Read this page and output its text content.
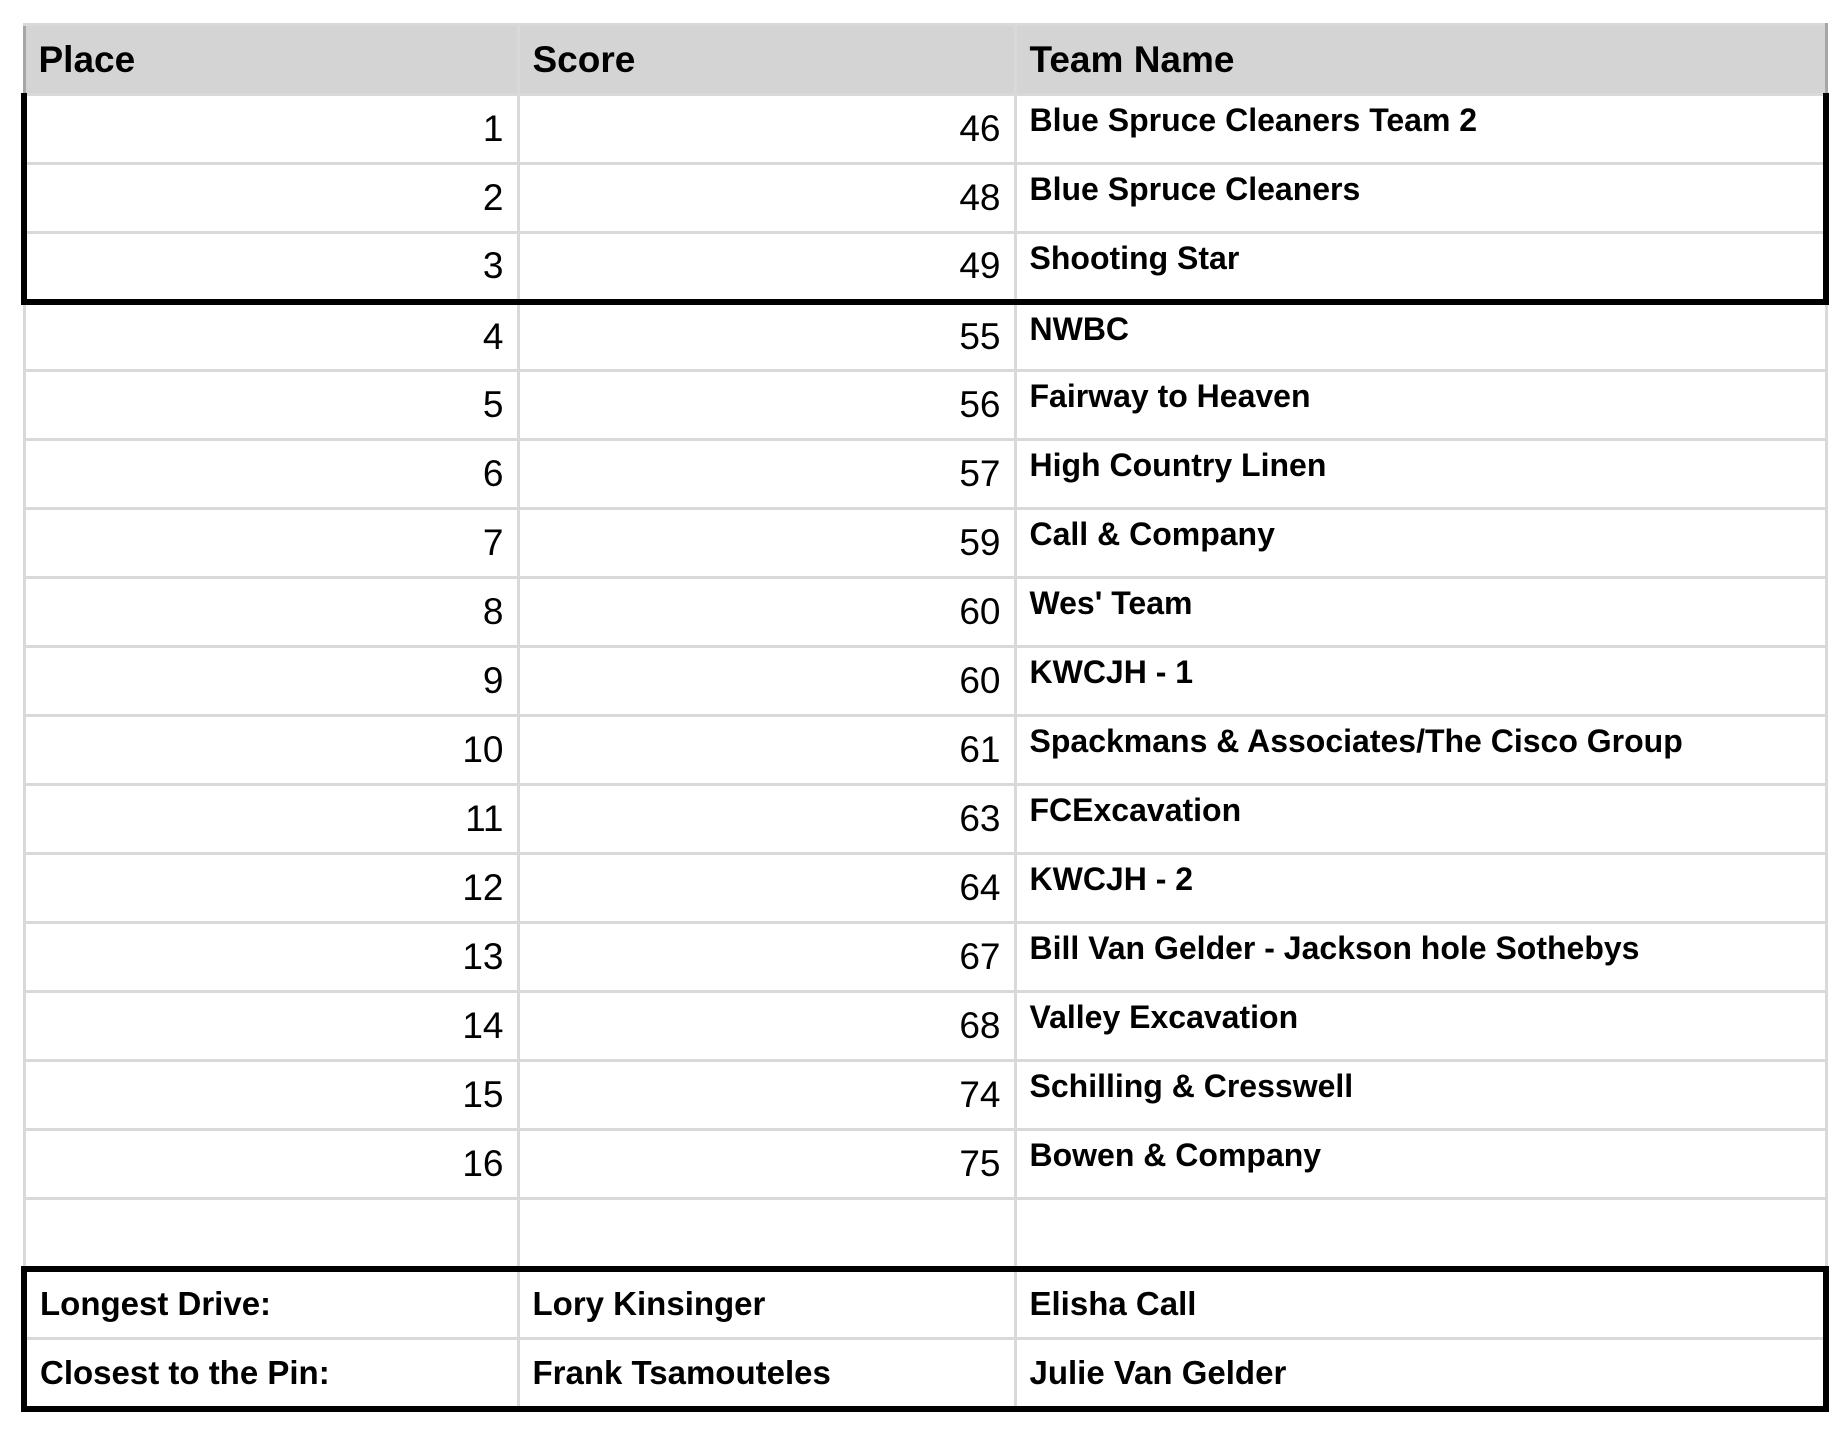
Place	Score	Team Name
1	46	Blue Spruce Cleaners Team 2
2	48	Blue Spruce Cleaners
3	49	Shooting Star
4	55	NWBC
5	56	Fairway to Heaven
6	57	High Country Linen
7	59	Call & Company
8	60	Wes' Team
9	60	KWCJH - 1
10	61	Spackmans & Associates/The Cisco Group
11	63	FCExcavation
12	64	KWCJH - 2
13	67	Bill Van Gelder - Jackson hole Sothebys
14	68	Valley Excavation
15	74	Schilling & Cresswell
16	75	Bowen & Company

Longest Drive:	Lory Kinsinger	Elisha Call
Closest to the Pin:	Frank Tsamouteles	Julie Van Gelder
